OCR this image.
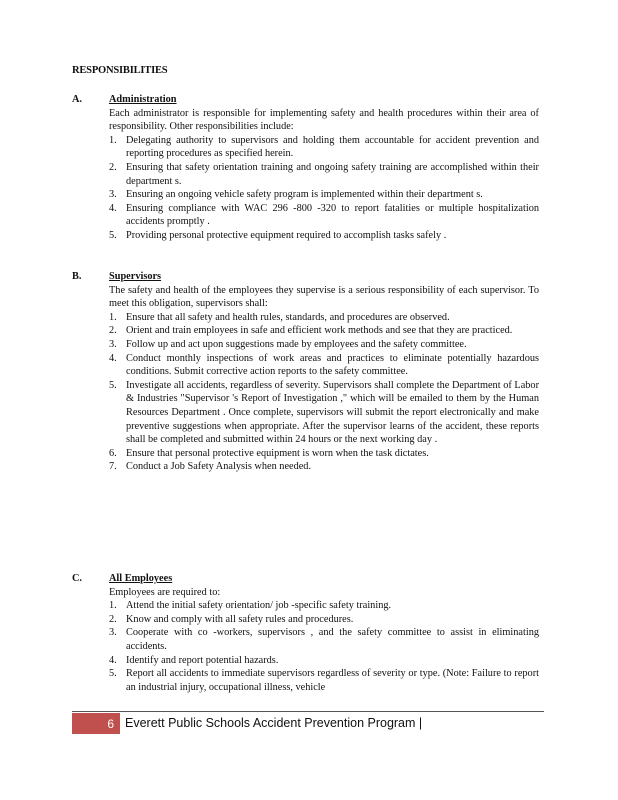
RESPONSIBILITIES
A.	Administration
Each administrator is responsible for implementing safety and health procedures within their area of responsibility. Other responsibilities include:
1. Delegating authority to supervisors and holding them accountable for accident prevention and reporting procedures as specified herein.
2. Ensuring that safety orientation training and ongoing safety training are accomplished within their department s.
3. Ensuring an ongoing vehicle safety program is implemented within their department s.
4. Ensuring compliance with WAC 296 -800 -320 to report fatalities or multiple hospitalization accidents promptly .
5. Providing personal protective equipment required to accomplish tasks safely .
B.	Supervisors
The safety and health of the employees they supervise is a serious responsibility of each supervisor. To meet this obligation, supervisors shall:
1. Ensure that all safety and health rules, standards, and procedures are observed.
2. Orient and train employees in safe and efficient work methods and see that they are practiced.
3. Follow up and act upon suggestions made by employees and the safety committee.
4. Conduct monthly inspections of work areas and practices to eliminate potentially hazardous conditions. Submit corrective action reports to the safety committee.
5. Investigate all accidents, regardless of severity. Supervisors shall complete the Department of Labor & Industries "Supervisor 's Report of Investigation ," which will be emailed to them by the Human Resources Department . Once complete, supervisors will submit the report electronically and make preventive suggestions when appropriate. After the supervisor learns of the accident, these reports shall be completed and submitted within 24 hours or the next working day .
6. Ensure that personal protective equipment is worn when the task dictates.
7. Conduct a Job Safety Analysis when needed.
C.	All Employees
Employees are required to:
1. Attend the initial safety orientation/ job -specific safety training.
2. Know and comply with all safety rules and procedures.
3. Cooperate with co -workers, supervisors , and the safety committee to assist in eliminating accidents.
4. Identify and report potential hazards.
5. Report all accidents to immediate supervisors regardless of severity or type. (Note: Failure to report an industrial injury, occupational illness, vehicle
6 Everett Public Schools Accident Prevention Program |
